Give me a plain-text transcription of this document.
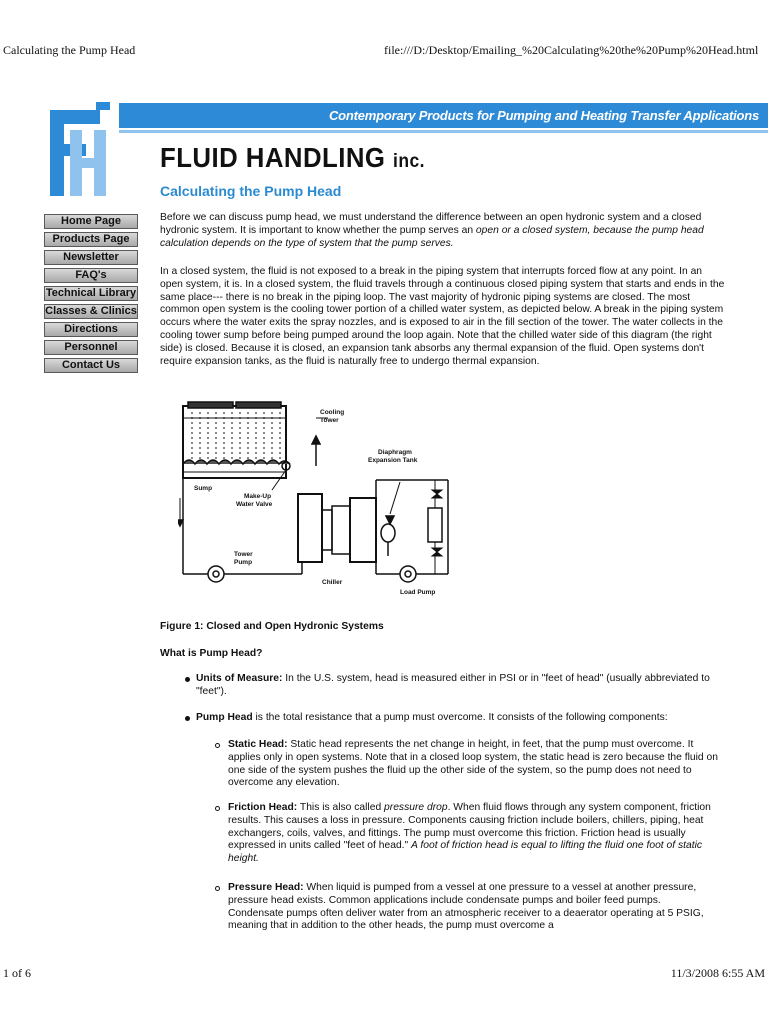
Calculating the Pump Head	file:///D:/Desktop/Emailing_%20Calculating%20the%20Pump%20Head.html
Contemporary Products for Pumping and Heating Transfer Applications
FLUID HANDLING inc.
Calculating the Pump Head
Home Page
Products Page
Newsletter
FAQ's
Technical Library
Classes & Clinics
Directions
Personnel
Contact Us

Before we can discuss pump head, we must understand the difference between an open hydronic system and a closed hydronic system. It is important to know whether the pump serves an open or a closed system, because the pump head calculation depends on the type of system that the pump serves.

In a closed system, the fluid is not exposed to a break in the piping system that interrupts forced flow at any point. In an open system, it is. In a closed system, the fluid travels through a continuous closed piping system that starts and ends in the same place--- there is no break in the piping loop. The vast majority of hydronic piping systems are closed. The most common open system is the cooling tower portion of a chilled water system, as depicted below. A break in the piping system occurs where the water exits the spray nozzles, and is exposed to air in the fill section of the tower. The water collects in the cooling tower sump before being pumped around the loop again. Note that the chilled water side of this diagram (the right side) is closed. Because it is closed, an expansion tank absorbs any thermal expansion of the fluid. Open systems don't require expansion tanks, as the fluid is naturally free to undergo thermal expansion.

Cooling
Tower
Diaphragm
Expansion Tank
Sump
Make-Up
Water Valve
Tower
Pump
Chiller
Load Pump
Figure 1: Closed and Open Hydronic Systems
What is Pump Head?
Units of Measure: In the U.S. system, head is measured either in PSI or in "feet of head" (usually abbreviated to "feet").
Pump Head is the total resistance that a pump must overcome. It consists of the following components:
Static Head: Static head represents the net change in height, in feet, that the pump must overcome. It applies only in open systems. Note that in a closed loop system, the static head is zero because the fluid on one side of the system pushes the fluid up the other side of the system, so the pump does not need to overcome any elevation.
Friction Head: This is also called pressure drop. When fluid flows through any system component, friction results. This causes a loss in pressure. Components causing friction include boilers, chillers, piping, heat exchangers, coils, valves, and fittings. The pump must overcome this friction. Friction head is usually expressed in units called "feet of head." A foot of friction head is equal to lifting the fluid one foot of static height.
Pressure Head: When liquid is pumped from a vessel at one pressure to a vessel at another pressure, pressure head exists. Common applications include condensate pumps and boiler feed pumps. Condensate pumps often deliver water from an atmospheric receiver to a deaerator operating at 5 PSIG, meaning that in addition to the other heads, the pump must overcome a
1 of 6	11/3/2008 6:55 AM
